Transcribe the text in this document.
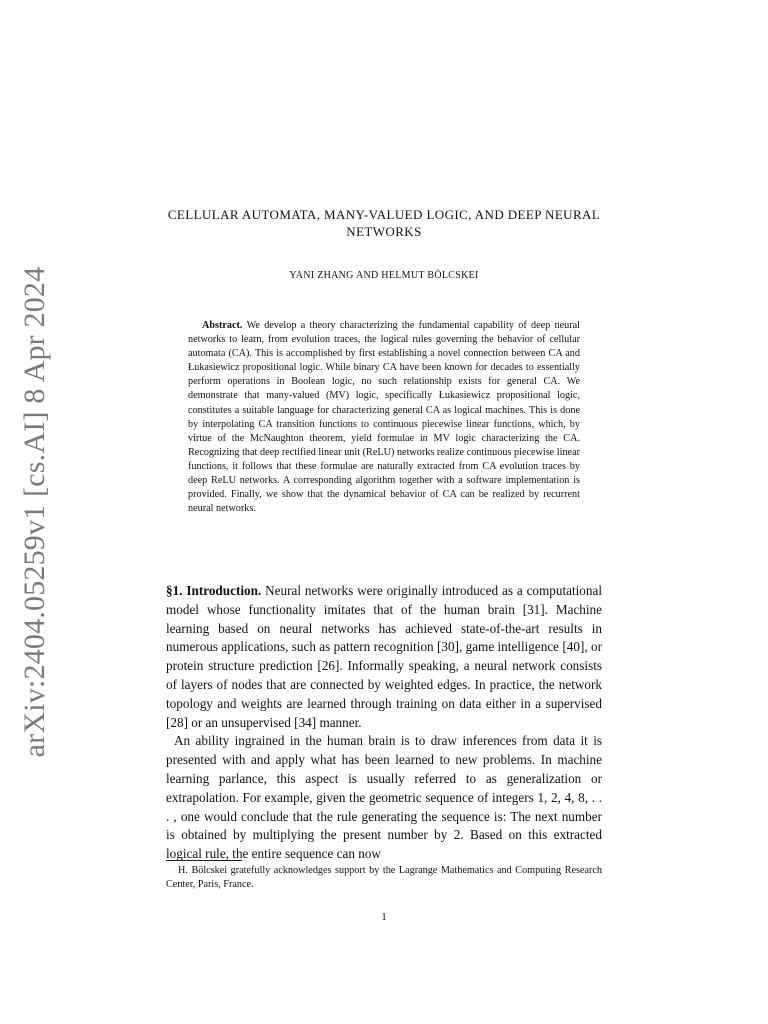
arXiv:2404.05259v1 [cs.AI] 8 Apr 2024
CELLULAR AUTOMATA, MANY-VALUED LOGIC, AND DEEP NEURAL NETWORKS
YANI ZHANG AND HELMUT BÖLCSKEI
Abstract. We develop a theory characterizing the fundamental capability of deep neural networks to learn, from evolution traces, the logical rules governing the behavior of cellular automata (CA). This is accomplished by first establishing a novel connection between CA and Łukasiewicz propositional logic. While binary CA have been known for decades to essentially perform operations in Boolean logic, no such relationship exists for general CA. We demonstrate that many-valued (MV) logic, specifically Łukasiewicz propositional logic, constitutes a suitable language for characterizing general CA as logical machines. This is done by interpolating CA transition functions to continuous piecewise linear functions, which, by virtue of the McNaughton theorem, yield formulae in MV logic characterizing the CA. Recognizing that deep rectified linear unit (ReLU) networks realize continuous piecewise linear functions, it follows that these formulae are naturally extracted from CA evolution traces by deep ReLU networks. A corresponding algorithm together with a software implementation is provided. Finally, we show that the dynamical behavior of CA can be realized by recurrent neural networks.

§1. Introduction. Neural networks were originally introduced as a computational model whose functionality imitates that of the human brain [31]. Machine learning based on neural networks has achieved state-of-the-art results in numerous applications, such as pattern recognition [30], game intelligence [40], or protein structure prediction [26]. Informally speaking, a neural network consists of layers of nodes that are connected by weighted edges. In practice, the network topology and weights are learned through training on data either in a supervised [28] or an unsupervised [34] manner.

An ability ingrained in the human brain is to draw inferences from data it is presented with and apply what has been learned to new problems. In machine learning parlance, this aspect is usually referred to as generalization or extrapolation. For example, given the geometric sequence of integers 1, 2, 4, 8, . . . , one would conclude that the rule generating the sequence is: The next number is obtained by multiplying the present number by 2. Based on this extracted logical rule, the entire sequence can now

H. Bölcskei gratefully acknowledges support by the Lagrange Mathematics and Computing Research Center, Paris, France.
1
